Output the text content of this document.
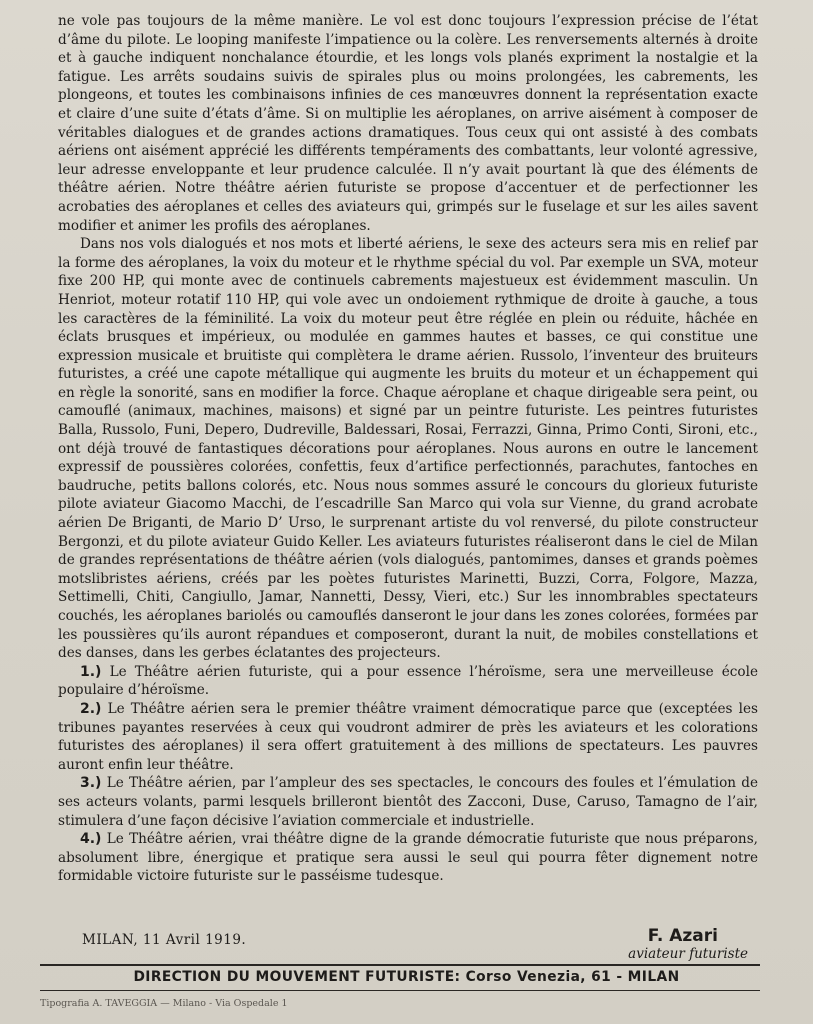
ne vole pas toujours de la même manière. Le vol est donc toujours l’expression précise de l’état d’âme du pilote. Le looping manifeste l’impatience ou la colère. Les renversements alternés à droite et à gauche indiquent nonchalance étourdie, et les longs vols planés expriment la nostalgie et la fatigue. Les arrêts soudains suivis de spirales plus ou moins prolongées, les cabrements, les plongeons, et toutes les combinaisons infinies de ces manœuvres donnent la représentation exacte et claire d’une suite d’états d’âme. Si on multiplie les aéroplanes, on arrive aisément à composer de véritables dialogues et de grandes actions dramatiques. Tous ceux qui ont assisté à des combats aériens ont aisément apprécié les différents tempéraments des combattants, leur volonté agressive, leur adresse enveloppante et leur prudence calculée. Il n’y avait pourtant là que des éléments de théâtre aérien. Notre théâtre aérien futuriste se propose d’accentuer et de perfectionner les acrobaties des aéroplanes et celles des aviateurs qui, grimpés sur le fuselage et sur les ailes savent modifier et animer les profils des aéroplanes.

Dans nos vols dialogués et nos mots et liberté aériens, le sexe des acteurs sera mis en relief par la forme des aéroplanes, la voix du moteur et le rhythme spécial du vol. Par exemple un SVA, moteur fixe 200 HP, qui monte avec de continuels cabrements majestueux est évidemment masculin. Un Henriot, moteur rotatif 110 HP, qui vole avec un ondoiement rythmique de droite à gauche, a tous les caractères de la féminilité. La voix du moteur peut être réglée en plein ou réduite, hâchée en éclats brusques et impérieux, ou modulée en gammes hautes et basses, ce qui constitue une expression musicale et bruitiste qui complètera le drame aérien. Russolo, l’inventeur des bruiteurs futuristes, a créé une capote métallique qui augmente les bruits du moteur et un échappement qui en règle la sonorité, sans en modifier la force. Chaque aéroplane et chaque dirigeable sera peint, ou camouflé (animaux, machines, maisons) et signé par un peintre futuriste. Les peintres futuristes Balla, Russolo, Funi, Depero, Dudreville, Baldessari, Rosai, Ferrazzi, Ginna, Primo Conti, Sironi, etc., ont déjà trouvé de fantastiques décorations pour aéroplanes. Nous aurons en outre le lancement expressif de poussières colorées, confettis, feux d’artifice perfectionnés, parachutes, fantoches en baudruche, petits ballons colorés, etc. Nous nous sommes assuré le concours du glorieux futuriste pilote aviateur Giacomo Macchi, de l’escadrille San Marco qui vola sur Vienne, du grand acrobate aérien De Briganti, de Mario D’ Urso, le surprenant artiste du vol renversé, du pilote constructeur Bergonzi, et du pilote aviateur Guido Keller. Les aviateurs futuristes réaliseront dans le ciel de Milan de grandes représentations de théâtre aérien (vols dialogués, pantomimes, danses et grands poèmes motslibristes aériens, créés par les poètes futuristes Marinetti, Buzzi, Corra, Folgore, Mazza, Settimelli, Chiti, Cangiullo, Jamar, Nannetti, Dessy, Vieri, etc.) Sur les innombrables spectateurs couchés, les aéroplanes bariolés ou camouflés danseront le jour dans les zones colorées, formées par les poussières qu’ils auront répandues et composeront, durant la nuit, de mobiles constellations et des danses, dans les gerbes éclatantes des projecteurs.

1.) Le Théâtre aérien futuriste, qui a pour essence l’héroïsme, sera une merveilleuse école populaire d’héroïsme.

2.) Le Théâtre aérien sera le premier théâtre vraiment démocratique parce que (exceptées les tribunes payantes reservées à ceux qui voudront admirer de près les aviateurs et les colorations futuristes des aéroplanes) il sera offert gratuitement à des millions de spectateurs. Les pauvres auront enfin leur théâtre.

3.) Le Théâtre aérien, par l’ampleur des ses spectacles, le concours des foules et l’émulation de ses acteurs volants, parmi lesquels brilleront bientôt des Zacconi, Duse, Caruso, Tamagno de l’air, stimulera d’une façon décisive l’aviation commerciale et industrielle.

4.) Le Théâtre aérien, vrai théâtre digne de la grande démocratie futuriste que nous préparons, absolument libre, énergique et pratique sera aussi le seul qui pourra fêter dignement notre formidable victoire futuriste sur le passéisme tudesque.

MILAN, 11 Avril 1919.	F. Azari
aviateur futuriste
DIRECTION DU MOUVEMENT FUTURISTE: Corso Venezia, 61 - MILAN
Tipografia A. TAVEGGIA — Milano - Via Ospedale 1
